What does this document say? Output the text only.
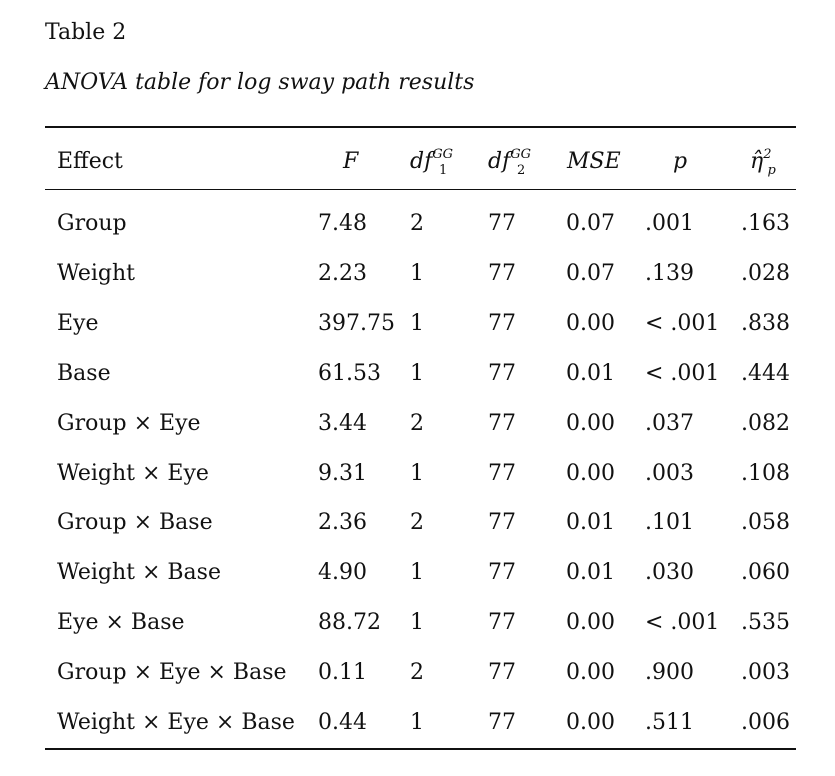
Table 2
ANOVA table for log sway path results
Effect	F $df^{GG}_1$	$df^{GG}_2$	MSE p	η̂$^2_p$
Group	7.48 2	77 0.07 .001 .163
Weight	2.23 1	77 0.07 .139 .028
Eye	397.75 1	77 0.00 < .001 .838
Base	61.53 1	77 0.01 < .001 .444
Group × Eye	3.44 2	77 0.00 .037 .082
Weight × Eye	9.31 1	77 0.00 .003 .108
Group × Base	2.36 2	77 0.01 .101 .058
Weight × Base	4.90 1	77 0.01 .030 .060
Eye × Base	88.72 1	77 0.00 < .001 .535
Group × Eye × Base 0.11 2	77 0.00 .900 .003
Weight × Eye × Base 0.44 1	77 0.00 .511 .006
